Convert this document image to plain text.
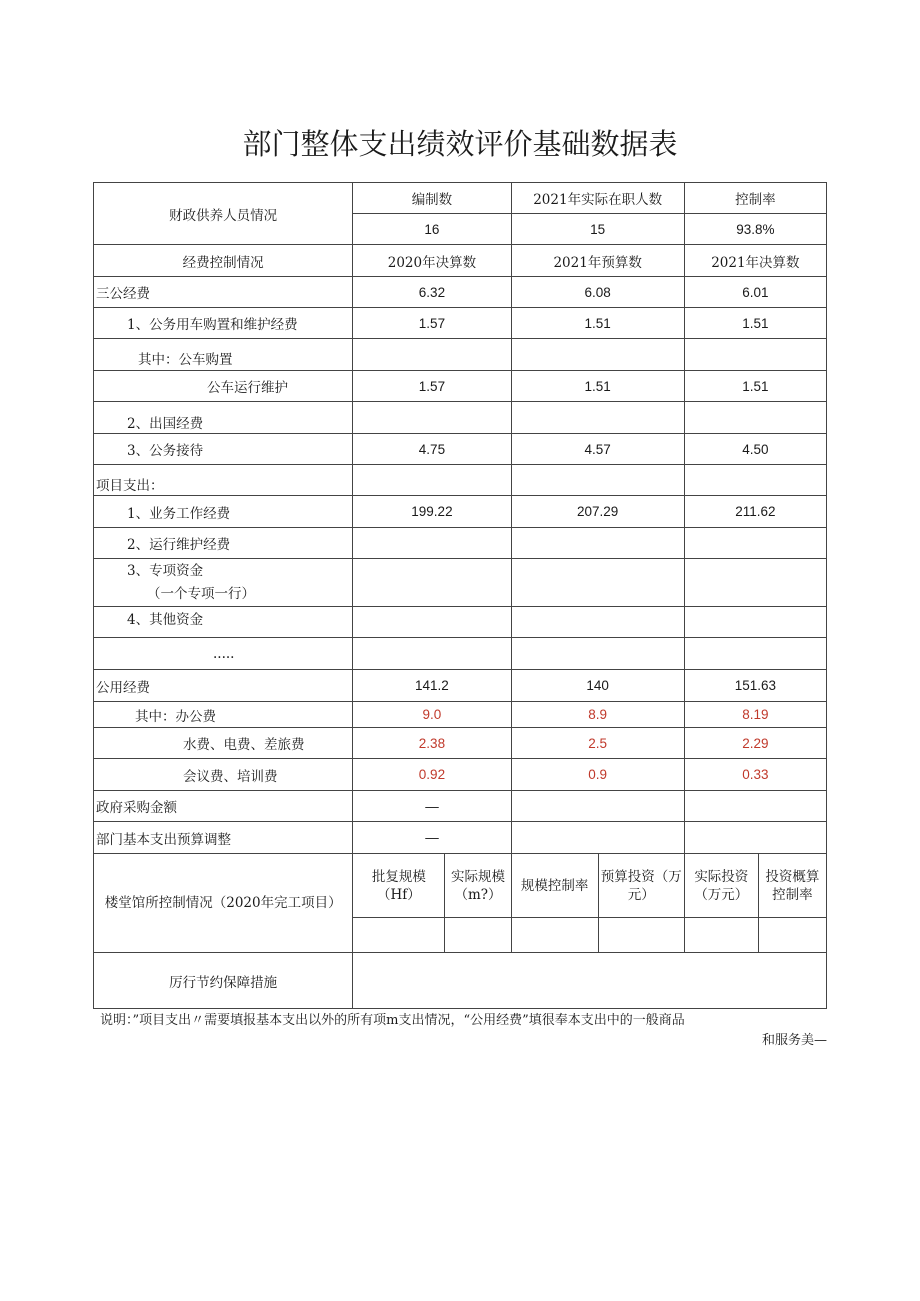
部门整体支出绩效评价基础数据表
财政供养人员情况	编制数		2021年实际在职人数		控制率	
	16		15		93.8%	
经费控制情况	2020年决算数		2021年预算数		2021年决算数	
三公经费	6.32		6.08		6.01	
1、公务用车购置和维护经费	1.57		1.51		1.51	
其中：公车购置						
公车运行维护	1.57		1.51		1.51	
2、出国经费						
3、公务接待	4.75		4.57		4.50	
项目支出：						
1、业务工作经费	199.22		207.29		211.62	
2、运行维护经费						

3、专项资金
（一个专项一行）						

4、其他资金						
.....						
公用经费	141.2		140		151.63	
其中：办公费	9.0		8.9		8.19	
水费、电费、差旅费	2.38		2.5		2.29	
会议费、培训费	0.92		0.9		0.33	
政府采购金额	—					
部门基本支出预算调整	—					
楼堂馆所控制情况（2020年完工项目）	批复规模（Hf）	实际规模（m?）	规模控制率	预算投资（万元）	实际投资（万元）	投资概算控制率

厉行节约保障措施						
说明：”项目支出〃需要填报基本支出以外的所有项m支出情况，“公用经费”填很奉本支出中的一般商品
和服务美—
